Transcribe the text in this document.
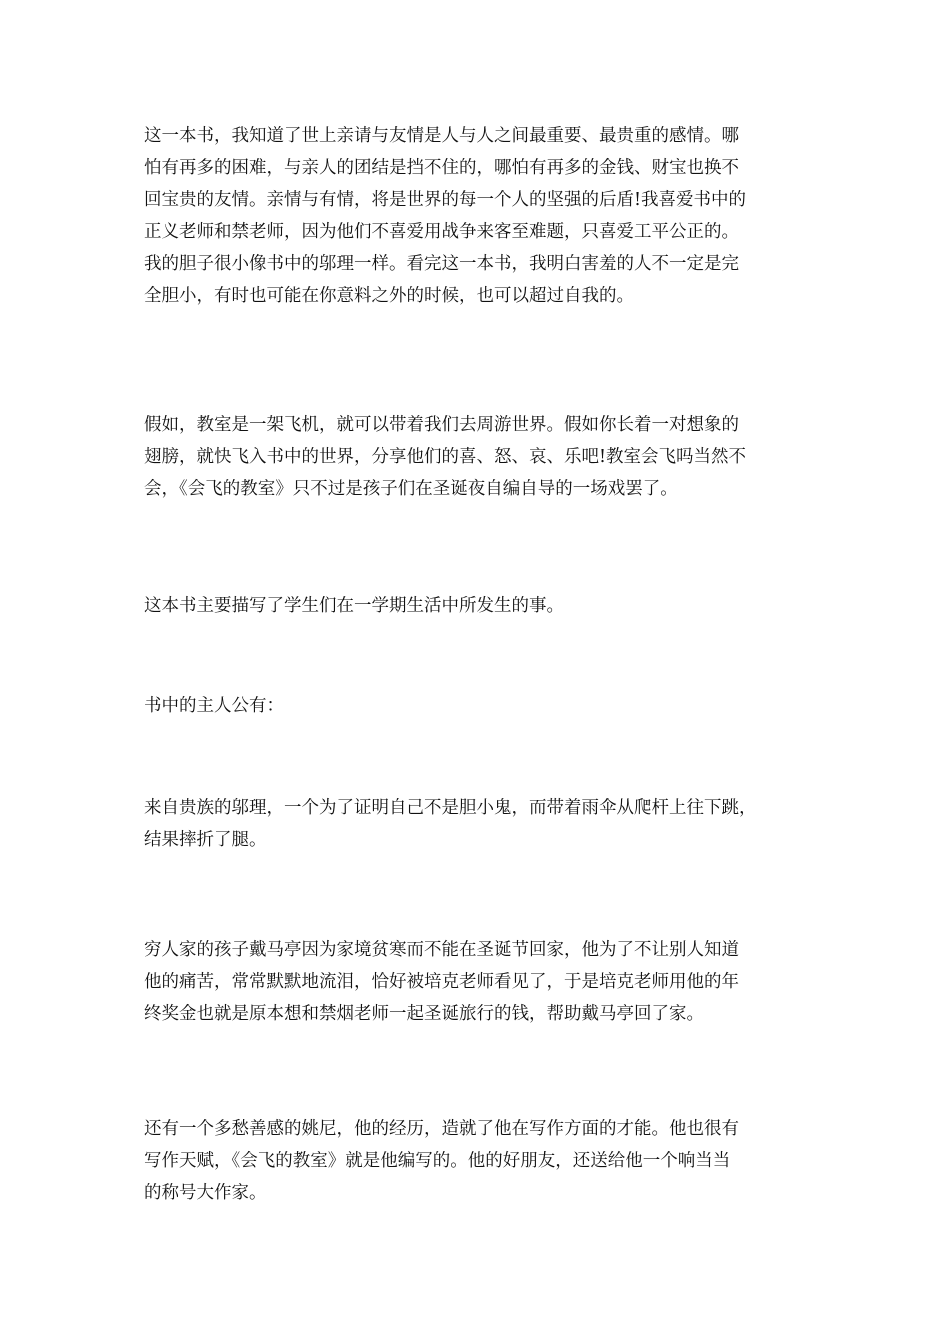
这一本书，我知道了世上亲请与友情是人与人之间最重要、最贵重的感情。哪
怕有再多的困难，与亲人的团结是挡不住的，哪怕有再多的金钱、财宝也换不
回宝贵的友情。亲情与有情，将是世界的每一个人的坚强的后盾!我喜爱书中的
正义老师和禁老师，因为他们不喜爱用战争来客至难题，只喜爱工平公正的。
我的胆子很小像书中的邬理一样。看完这一本书，我明白害羞的人不一定是完
全胆小，有时也可能在你意料之外的时候，也可以超过自我的。

假如，教室是一架飞机，就可以带着我们去周游世界。假如你长着一对想象的
翅膀，就快飞入书中的世界，分享他们的喜、怒、哀、乐吧!教室会飞吗当然不
会，《会飞的教室》只不过是孩子们在圣诞夜自编自导的一场戏罢了。

这本书主要描写了学生们在一学期生活中所发生的事。

书中的主人公有：

来自贵族的邬理，一个为了证明自己不是胆小鬼，而带着雨伞从爬杆上往下跳，
结果摔折了腿。

穷人家的孩子戴马亭因为家境贫寒而不能在圣诞节回家，他为了不让别人知道
他的痛苦，常常默默地流泪，恰好被培克老师看见了，于是培克老师用他的年
终奖金也就是原本想和禁烟老师一起圣诞旅行的钱，帮助戴马亭回了家。

还有一个多愁善感的姚尼，他的经历，造就了他在写作方面的才能。他也很有
写作天赋，《会飞的教室》就是他编写的。他的好朋友，还送给他一个响当当
的称号大作家。
